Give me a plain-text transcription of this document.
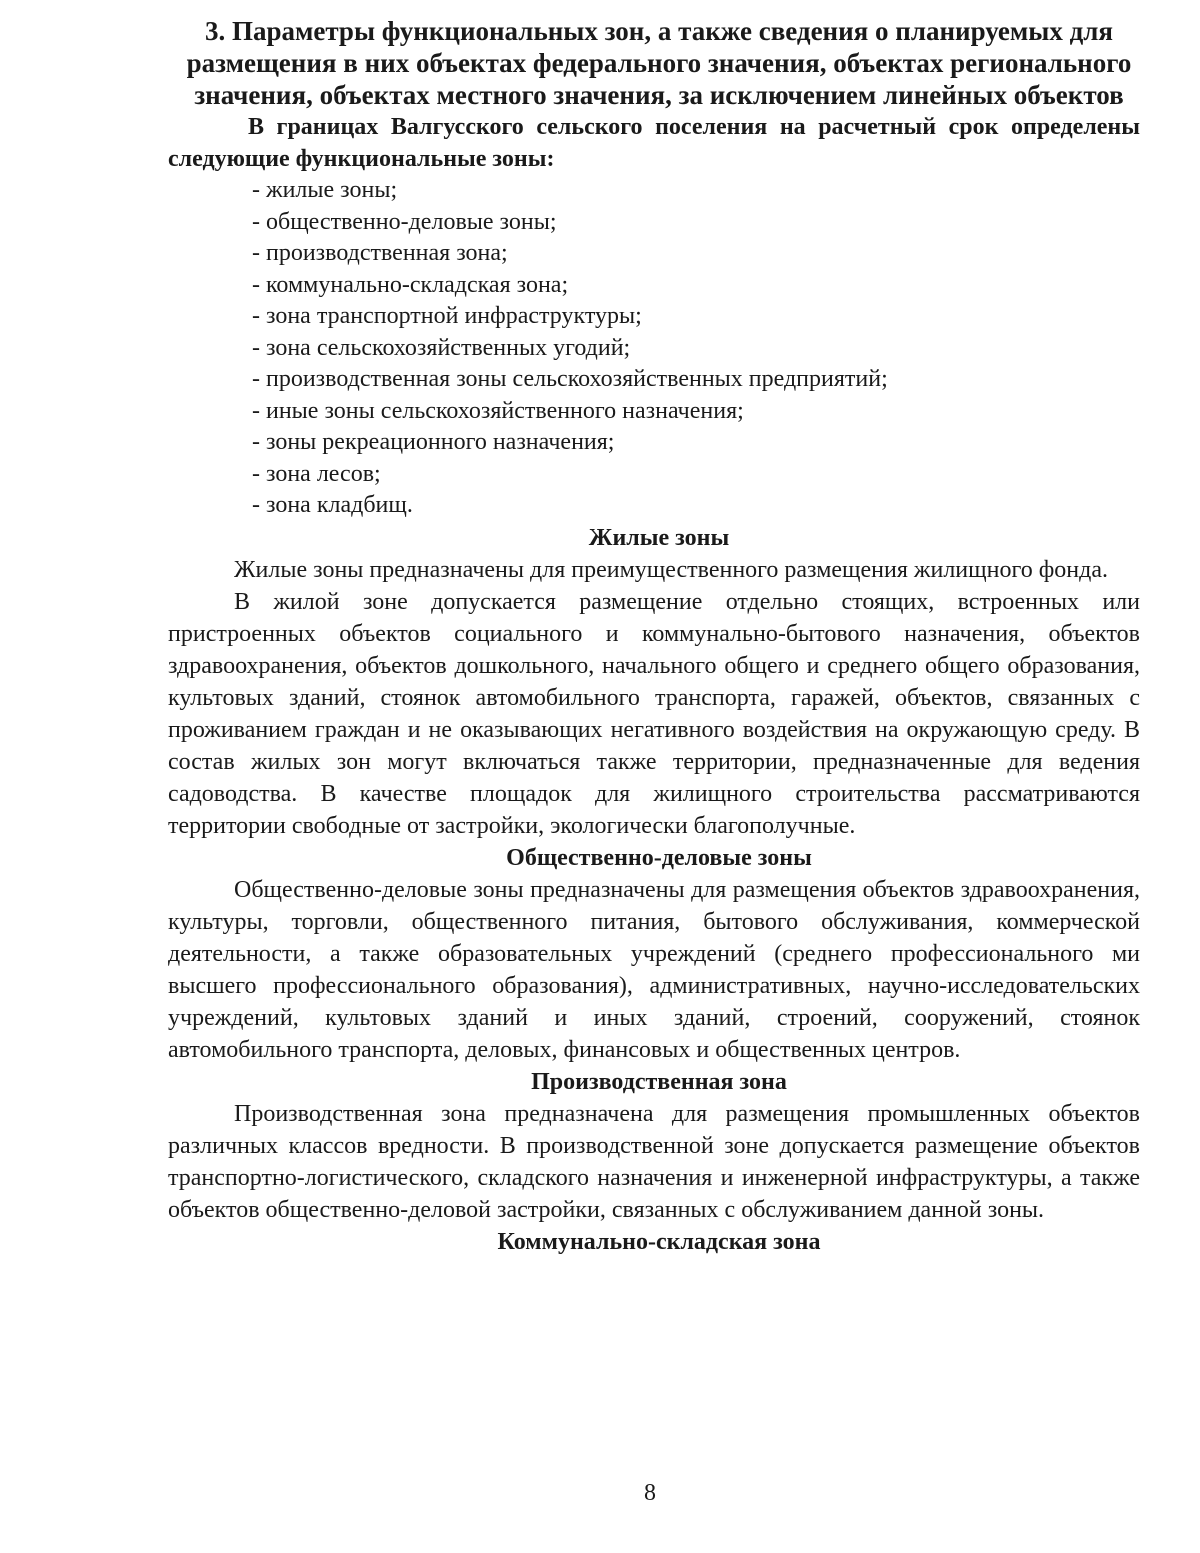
3. Параметры функциональных зон, а также сведения о планируемых для размещения в них объектах федерального значения, объектах регионального значения, объектах местного значения, за исключением линейных объектов

В границах Валгусского сельского поселения на расчетный срок определены следующие функциональные зоны:

- жилые зоны;
- общественно-деловые зоны;
- производственная зона;
- коммунально-складская зона;
- зона транспортной инфраструктуры;
- зона сельскохозяйственных угодий;
- производственная зоны сельскохозяйственных предприятий;
- иные зоны сельскохозяйственного назначения;
- зоны рекреационного назначения;
- зона лесов;
- зона кладбищ.
Жилые зоны

Жилые зоны предназначены для преимущественного размещения жилищного фонда.

В жилой зоне допускается размещение отдельно стоящих, встроенных или пристроенных объектов социального и коммунально-бытового назначения, объектов здравоохранения, объектов дошкольного, начального общего и среднего общего образования, культовых зданий, стоянок автомобильного транспорта, гаражей, объектов, связанных с проживанием граждан и не оказывающих негативного воздействия на окружающую среду. В состав жилых зон могут включаться также территории, предназначенные для ведения садоводства. В качестве площадок для жилищного строительства рассматриваются территории свободные от застройки, экологически благополучные.

Общественно-деловые зоны

Общественно-деловые зоны предназначены для размещения объектов здравоохранения, культуры, торговли, общественного питания, бытового обслуживания, коммерческой деятельности, а также образовательных учреждений (среднего профессионального ми высшего профессионального образования), административных, научно-исследовательских учреждений, культовых зданий и иных зданий, строений, сооружений, стоянок автомобильного транспорта, деловых, финансовых и общественных центров.

Производственная зона

Производственная зона предназначена для размещения промышленных объектов различных классов вредности. В производственной зоне допускается размещение объектов транспортно-логистического, складского назначения и инженерной инфраструктуры, а также объектов общественно-деловой застройки, связанных с обслуживанием данной зоны.

Коммунально-складская зона
8
